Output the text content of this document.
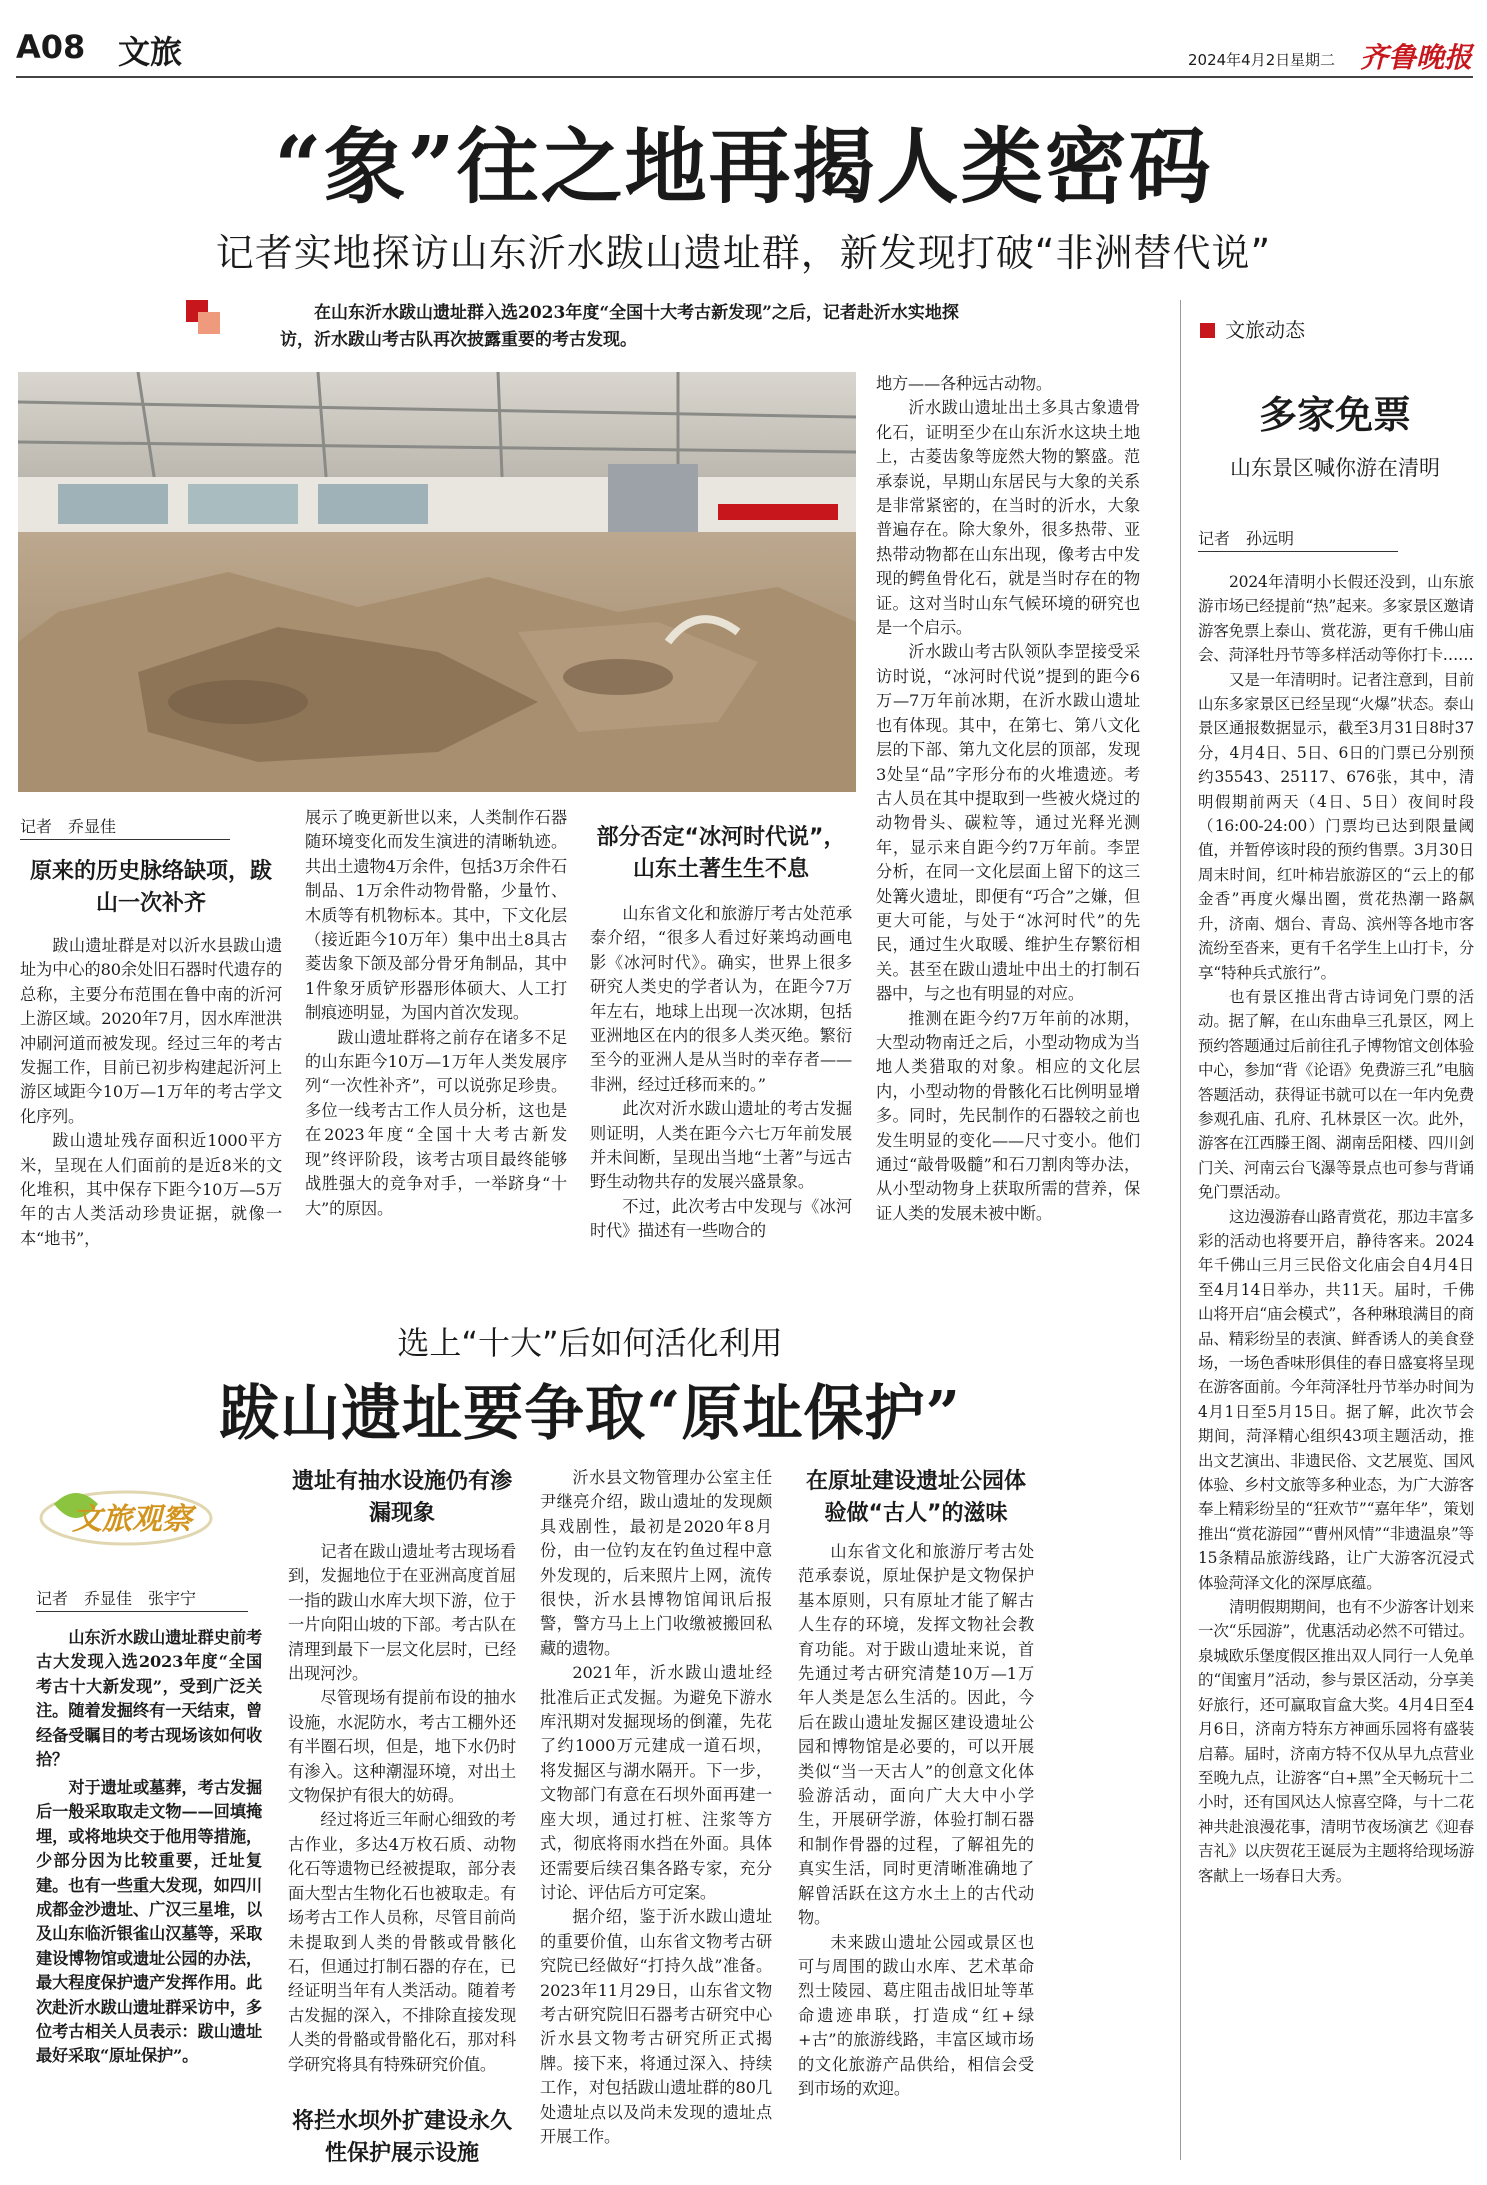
A08 文旅	2024年4月2日 星期二 齐鲁晚报
“象”往之地再揭人类密码
记者实地探访山东沂水跋山遗址群，新发现打破“非洲替代说”
在山东沂水跋山遗址群入选2023年度“全国十大考古新发现”之后，记者赴沂水实地探访，沂水跋山考古队再次披露重要的考古发现。
记者　乔显佳
原来的历史脉络缺项，跋山一次补齐

跋山遗址群是对以沂水县跋山遗址为中心的80余处旧石器时代遗存的总称，主要分布范围在鲁中南的沂河上游区域。2020年7月，因水库泄洪冲刷河道而被发现。经过三年的考古发掘工作，目前已初步构建起沂河上游区域距今10万—1万年的考古学文化序列。

跋山遗址残存面积近1000平方米，呈现在人们面前的是近8米的文化堆积，其中保存下距今10万—5万年的古人类活动珍贵证据，就像一本“地书”，

展示了晚更新世以来，人类制作石器随环境变化而发生演进的清晰轨迹。共出土遗物4万余件，包括3万余件石制品、1万余件动物骨骼，少量竹、木质等有机物标本。其中，下文化层（接近距今10万年）集中出土8具古菱齿象下颌及部分骨牙角制品，其中1件象牙质铲形器形体硕大、人工打制痕迹明显，为国内首次发现。

跋山遗址群将之前存在诸多不足的山东距今10万—1万年人类发展序列“一次性补齐”，可以说弥足珍贵。多位一线考古工作人员分析，这也是在2023年度“全国十大考古新发现”终评阶段，该考古项目最终能够战胜强大的竞争对手，一举跻身“十大”的原因。

部分否定“冰河时代说”，山东土著生生不息

山东省文化和旅游厅考古处范承泰介绍，“很多人看过好莱坞动画电影《冰河时代》。确实，世界上很多研究人类史的学者认为，在距今7万年左右，地球上出现一次冰期，包括亚洲地区在内的很多人类灭绝。繁衍至今的亚洲人是从当时的幸存者——非洲，经过迁移而来的。”

此次对沂水跋山遗址的考古发掘则证明，人类在距今六七万年前发展并未间断，呈现出当地“土著”与远古野生动物共存的发展兴盛景象。

不过，此次考古中发现与《冰河时代》描述有一些吻合的

地方——各种远古动物。

沂水跋山遗址出土多具古象遗骨化石，证明至少在山东沂水这块土地上，古菱齿象等庞然大物的繁盛。范承泰说，早期山东居民与大象的关系是非常紧密的，在当时的沂水，大象普遍存在。除大象外，很多热带、亚热带动物都在山东出现，像考古中发现的鳄鱼骨化石，就是当时存在的物证。这对当时山东气候环境的研究也是一个启示。

沂水跋山考古队领队李罡接受采访时说，“冰河时代说”提到的距今6万—7万年前冰期，在沂水跋山遗址也有体现。其中，在第七、第八文化层的下部、第九文化层的顶部，发现3处呈“品”字形分布的火堆遗迹。考古人员在其中提取到一些被火烧过的动物骨头、碳粒等，通过光释光测年，显示来自距今约7万年前。李罡分析，在同一文化层面上留下的这三处篝火遗址，即便有“巧合”之嫌，但更大可能，与处于“冰河时代”的先民，通过生火取暖、维护生存繁衍相关。甚至在跋山遗址中出土的打制石器中，与之也有明显的对应。

推测在距今约7万年前的冰期，大型动物南迁之后，小型动物成为当地人类猎取的对象。相应的文化层内，小型动物的骨骸化石比例明显增多。同时，先民制作的石器较之前也发生明显的变化——尺寸变小。他们通过“敲骨吸髓”和石刀割肉等办法，从小型动物身上获取所需的营养，保证人类的发展未被中断。

选上“十大”后如何活化利用
跋山遗址要争取“原址保护”
文旅观察
记者　乔显佳　张宇宁

山东沂水跋山遗址群史前考古大发现入选2023年度“全国考古十大新发现”，受到广泛关注。随着发掘终有一天结束，曾经备受瞩目的考古现场该如何收拾？

对于遗址或墓葬，考古发掘后一般采取取走文物——回填掩埋，或将地块交于他用等措施，少部分因为比较重要，迁址复建。也有一些重大发现，如四川成都金沙遗址、广汉三星堆，以及山东临沂银雀山汉墓等，采取建设博物馆或遗址公园的办法，最大程度保护遗产发挥作用。此次赴沂水跋山遗址群采访中，多位考古相关人员表示：跋山遗址最好采取“原址保护”。

遗址有抽水设施仍有渗漏现象

记者在跋山遗址考古现场看到，发掘地位于在亚洲高度首屈一指的跋山水库大坝下游，位于一片向阳山坡的下部。考古队在清理到最下一层文化层时，已经出现河沙。

尽管现场有提前布设的抽水设施，水泥防水，考古工棚外还有半圈石坝，但是，地下水仍时有渗入。这种潮湿环境，对出土文物保护有很大的妨碍。

经过将近三年耐心细致的考古作业，多达4万枚石质、动物化石等遗物已经被提取，部分表面大型古生物化石也被取走。有场考古工作人员称，尽管目前尚未提取到人类的骨骸或骨骸化石，但通过打制石器的存在，已经证明当年有人类活动。随着考古发掘的深入，不排除直接发现人类的骨骼或骨骼化石，那对科学研究将具有特殊研究价值。

将拦水坝外扩建设永久性保护展示设施

沂水县文物管理办公室主任尹继亮介绍，跋山遗址的发现颇具戏剧性，最初是2020年8月份，由一位钓友在钓鱼过程中意外发现的，后来照片上网，流传很快，沂水县博物馆闻讯后报警，警方马上上门收缴被搬回私藏的遗物。

2021年，沂水跋山遗址经批准后正式发掘。为避免下游水库汛期对发掘现场的倒灌，先花了约1000万元建成一道石坝，将发掘区与湖水隔开。下一步，文物部门有意在石坝外面再建一座大坝，通过打桩、注浆等方式，彻底将雨水挡在外面。具体还需要后续召集各路专家，充分讨论、评估后方可定案。

据介绍，鉴于沂水跋山遗址的重要价值，山东省文物考古研究院已经做好“打持久战”准备。2023年11月29日，山东省文物考古研究院旧石器考古研究中心沂水县文物考古研究所正式揭牌。接下来，将通过深入、持续工作，对包括跋山遗址群的80几处遗址点以及尚未发现的遗址点开展工作。

在原址建设遗址公园体验做“古人”的滋味

山东省文化和旅游厅考古处范承泰说，原址保护是文物保护基本原则，只有原址才能了解古人生存的环境，发挥文物社会教育功能。对于跋山遗址来说，首先通过考古研究清楚10万—1万年人类是怎么生活的。因此，今后在跋山遗址发掘区建设遗址公园和博物馆是必要的，可以开展类似“当一天古人”的创意文化体验游活动，面向广大大中小学生，开展研学游，体验打制石器和制作骨器的过程，了解祖先的真实生活，同时更清晰准确地了解曾活跃在这方水土上的古代动物。

未来跋山遗址公园或景区也可与周围的跋山水库、艺术革命烈士陵园、葛庄阻击战旧址等革命遗迹串联，打造成“红+绿+古”的旅游线路，丰富区域市场的文化旅游产品供给，相信会受到市场的欢迎。

文旅动态
多家免票
山东景区喊你游在清明
记者　孙远明

2024年清明小长假还没到，山东旅游市场已经提前“热”起来。多家景区邀请游客免票上泰山、赏花游，更有千佛山庙会、菏泽牡丹节等多样活动等你打卡……

又是一年清明时。记者注意到，目前山东多家景区已经呈现“火爆”状态。泰山景区通报数据显示，截至3月31日8时37分，4月4日、5日、6日的门票已分别预约35543、25117、676张，其中，清明假期前两天（4日、5日）夜间时段（16:00-24:00）门票均已达到限量阈值，并暂停该时段的预约售票。3月30日周末时间，红叶柿岩旅游区的“云上的郁金香”再度火爆出圈，赏花热潮一路飙升，济南、烟台、青岛、滨州等各地市客流纷至沓来，更有千名学生上山打卡，分享“特种兵式旅行”。

也有景区推出背古诗词免门票的活动。据了解，在山东曲阜三孔景区，网上预约答题通过后前往孔子博物馆文创体验中心，参加“背《论语》免费游三孔”电脑答题活动，获得证书就可以在一年内免费参观孔庙、孔府、孔林景区一次。此外，游客在江西滕王阁、湖南岳阳楼、四川剑门关、河南云台飞瀑等景点也可参与背诵免门票活动。

这边漫游春山路青赏花，那边丰富多彩的活动也将要开启，静待客来。2024年千佛山三月三民俗文化庙会自4月4日至4月14日举办，共11天。届时，千佛山将开启“庙会模式”，各种琳琅满目的商品、精彩纷呈的表演、鲜香诱人的美食登场，一场色香味形俱佳的春日盛宴将呈现在游客面前。今年菏泽牡丹节举办时间为4月1日至5月15日。据了解，此次节会期间，菏泽精心组织43项主题活动，推出文艺演出、非遗民俗、文艺展览、国风体验、乡村文旅等多种业态，为广大游客奉上精彩纷呈的“狂欢节”“嘉年华”，策划推出“赏花游园”“曹州风情”“非遗温泉”等15条精品旅游线路，让广大游客沉浸式体验菏泽文化的深厚底蕴。

清明假期期间，也有不少游客计划来一次“乐园游”，优惠活动必然不可错过。泉城欧乐堡度假区推出双人同行一人免单的“闺蜜月”活动，参与景区活动，分享美好旅行，还可赢取盲盒大奖。4月4日至4月6日，济南方特东方神画乐园将有盛装启幕。届时，济南方特不仅从早九点营业至晚九点，让游客“白+黑”全天畅玩十二小时，还有国风达人惊喜空降，与十二花神共赴浪漫花事，清明节夜场演艺《迎春吉礼》以庆贺花王诞辰为主题将给现场游客献上一场春日大秀。
